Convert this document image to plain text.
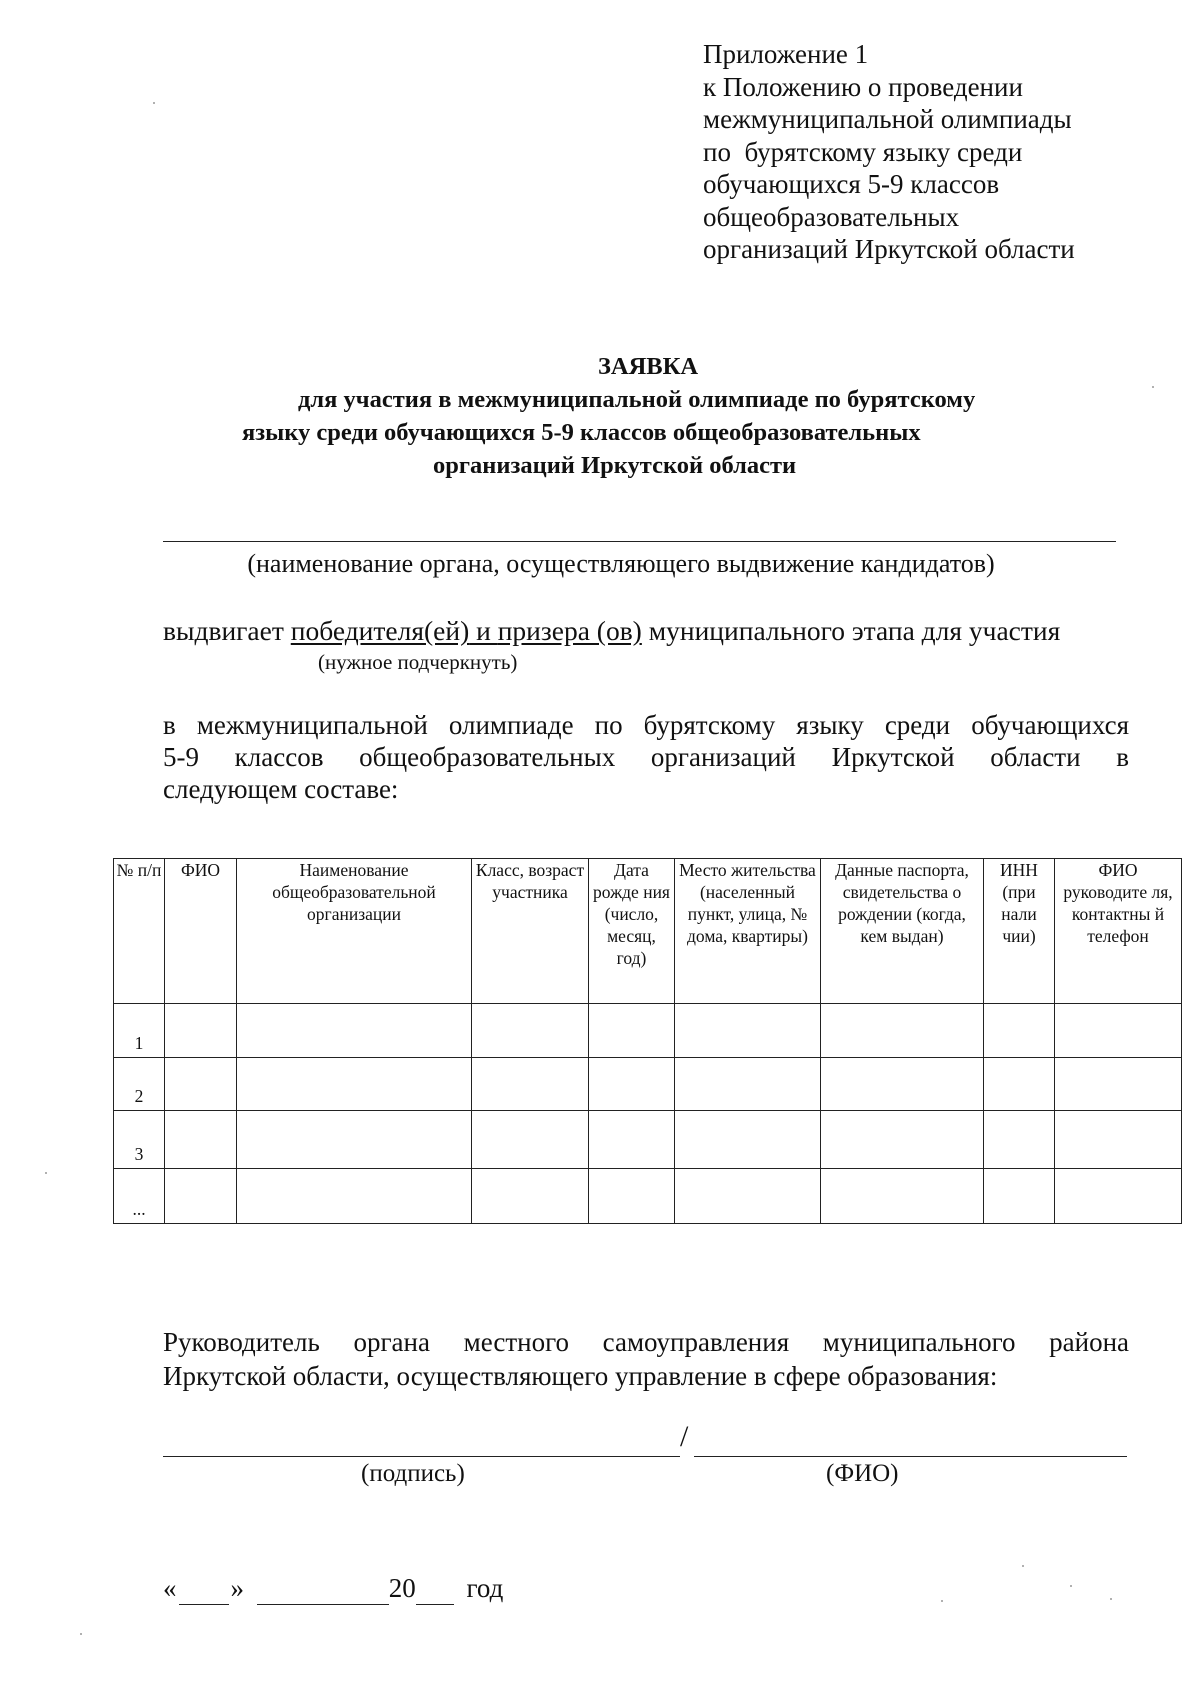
Приложение 1
к Положению о проведении
межмуниципальной олимпиады
по  бурятскому языку среди
обучающихся 5-9 классов
общеобразовательных
организаций Иркутской области
ЗАЯВКА
для участия в межмуниципальной олимпиаде по бурятскому
языку среди обучающихся 5-9 классов общеобразовательных
организаций Иркутской области
(наименование органа, осуществляющего выдвижение кандидатов)
выдвигает победителя(ей) и призера (ов) муниципального этапа для участия
(нужное подчеркнуть)
в межмуниципальной олимпиаде по бурятскому языку среди обучающихся
5-9 классов общеобразовательных организаций Иркутской области в
следующем составе:
№ п/п	ФИО	Наименование общеобразовательной организации	Класс, возраст участника	Дата рожде ния (число, месяц, год)	Место жительства (населенный пункт, улица, № дома, квартиры)	Данные паспорта, свидетельства о рождении (когда, кем выдан)	ИНН (при нали чии)	ФИО руководите ля, контактны й телефон
1								
2								
3								
...								
Руководитель органа местного самоуправления муниципального района
Иркутской области, осуществляющего управление в сфере образования:
/
(подпись)	(ФИО)
« »	20 год
